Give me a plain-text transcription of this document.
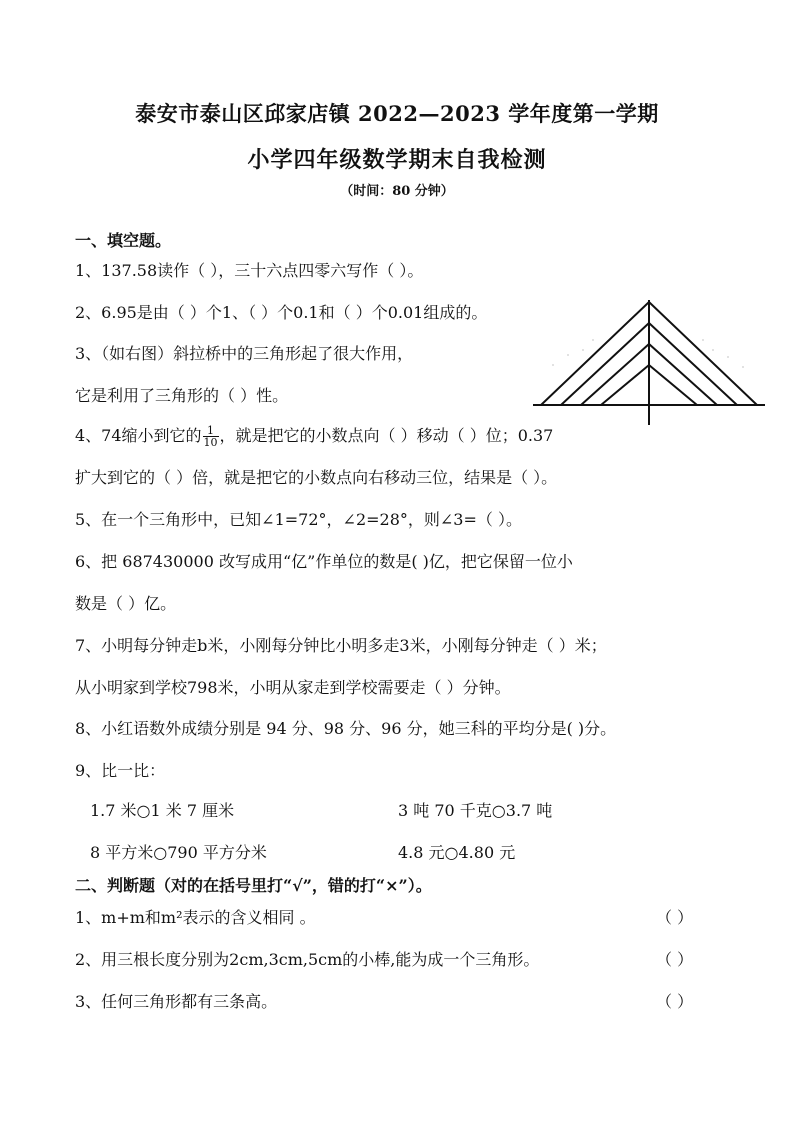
泰安市泰山区邱家店镇 2022—2023 学年度第一学期
小学四年级数学期末自我检测
（时间：80 分钟）
一、填空题。
1、137.58读作（ ），三十六点四零六写作（ ）。
2、6.95是由（ ）个1、（ ）个0.1和（ ）个0.01组成的。
3、（如右图）斜拉桥中的三角形起了很大作用，
它是利用了三角形的（ ）性。
4、74缩小到它的 $\frac{1}{10}$ ，就是把它的小数点向（ ）移动（ ）位；0.37
扩大到它的（ ）倍，就是把它的小数点向右移动三位，结果是（ ）。
5、在一个三角形中，已知∠1=72°，∠2=28°，则∠3=（ ）。
6、把 687430000 改写成用“亿”作单位的数是( )亿，把它保留一位小
数是（ ）亿。
7、小明每分钟走b米，小刚每分钟比小明多走3米，小刚每分钟走（ ）米；
从小明家到学校798米，小明从家走到学校需要走（ ）分钟。
8、小红语数外成绩分别是 94 分、98 分、96 分，她三科的平均分是( )分。
9、比一比：
1.7 米○1 米 7 厘米	3 吨 70 千克○3.7 吨
8 平方米○790 平方分米	4.8 元○4.80 元
二、判断题（对的在括号里打“√”，错的打“×”）。
1、m+m和m²表示的含义相同 。	（ ）
2、用三根长度分别为2cm,3cm,5cm的小棒,能为成一个三角形。	（ ）
3、任何三角形都有三条高。	（ ）
